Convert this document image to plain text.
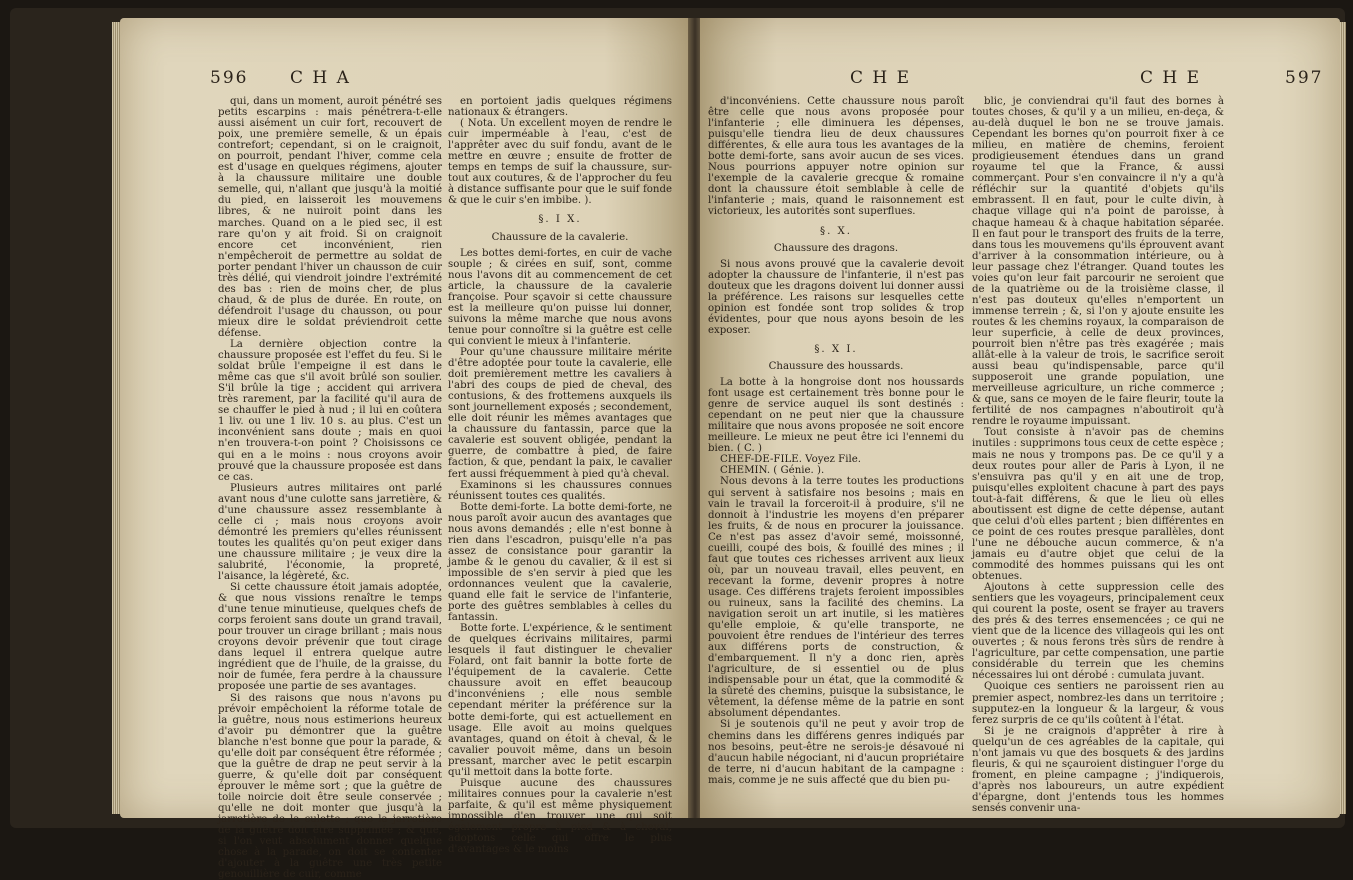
596 C H A

qui, dans un moment, auroit pénétré ses petits escarpins : mais pénétrera-t-elle aussi aisément un cuir fort, recouvert de poix, une première semelle, & un épais contrefort; cependant, si on le craignoit, on pourroit, pendant l'hiver, comme cela est d'usage en quelques régimens, ajouter à la chaussure militaire une double semelle, qui, n'allant que jusqu'à la moitié du pied, en laisseroit les mouvemens libres, & ne nuiroit point dans les marches. Quand on a le pied sec, il est rare qu'on y ait froid. Si on craignoit encore cet inconvénient, rien n'empêcheroit de permettre au soldat de porter pendant l'hiver un chausson de cuir très délié, qui viendroit joindre l'extrémité des bas : rien de moins cher, de plus chaud, & de plus de durée. En route, on défendroit l'usage du chausson, ou pour mieux dire le soldat préviendroit cette défense.

La dernière objection contre la chaussure proposée est l'effet du feu. Si le soldat brûle l'empeigne il est dans le même cas que s'il avoit brûlé son soulier. S'il brûle la tige ; accident qui arrivera très rarement, par la facilité qu'il aura de se chauffer le pied à nud ; il lui en coûtera 1 liv. ou une 1 liv. 10 s. au plus. C'est un inconvénient sans doute ; mais en quoi n'en trouvera-t-on point ? Choisissons ce qui en a le moins : nous croyons avoir prouvé que la chaussure proposée est dans ce cas.

Plusieurs autres militaires ont parlé avant nous d'une culotte sans jarretière, & d'une chaussure assez ressemblante à celle ci ; mais nous croyons avoir démontré les premiers qu'elles réunissent toutes les qualités qu'on peut exiger dans une chaussure militaire ; je veux dire la salubrité, l'économie, la propreté, l'aisance, la légèreté, &c.

Si cette chaussure étoit jamais adoptée, & que nous vissions renaître le temps d'une tenue minutieuse, quelques chefs de corps feroient sans doute un grand travail, pour trouver un cirage brillant ; mais nous croyons devoir prévenir que tout cirage dans lequel il entrera quelque autre ingrédient que de l'huile, de la graisse, du noir de fumée, fera perdre à la chaussure proposée une partie de ses avantages.

Si des raisons que nous n'avons pu prévoir empêchoient la réforme totale de la guêtre, nous nous estimerions heureux d'avoir pu démontrer que la guêtre blanche n'est bonne que pour la parade, & qu'elle doit par conséquent être réformée ; que la guêtre de drap ne peut servir à la guerre, & qu'elle doit par conséquent éprouver le même sort ; que la guêtre de toile noircie doit être seule conservée ; qu'elle ne doit monter que jusqu'à la jarretière de la culotte ; que la jarretière de la guêtre doit être supprimée ; & que, si l'on veut absolument donner quelque chose à la parade, on doit se contenter d'ajouter à la guêtre une très petite genouillière de cuir, comme

en portoient jadis quelques régimens nationaux & étrangers.

( Nota. Un excellent moyen de rendre le cuir imperméable à l'eau, c'est de l'apprêter avec du suif fondu, avant de le mettre en œuvre ; ensuite de frotter de temps en temps de suif la chaussure, sur-tout aux coutures, & de l'approcher du feu à distance suffisante pour que le suif fonde & que le cuir s'en imbibe. ).

§. I X.

Chaussure de la cavalerie.

Les bottes demi-fortes, en cuir de vache souple ; & cirées en suif, sont, comme nous l'avons dit au commencement de cet article, la chaussure de la cavalerie françoise. Pour sçavoir si cette chaussure est la meilleure qu'on puisse lui donner, suivons la même marche que nous avons tenue pour connoître si la guêtre est celle qui convient le mieux à l'infanterie.

Pour qu'une chaussure militaire mérite d'être adoptée pour toute la cavalerie, elle doit premièrement mettre les cavaliers à l'abri des coups de pied de cheval, des contusions, & des frottemens auxquels ils sont journellement exposés ; secondement, elle doit réunir les mêmes avantages que la chaussure du fantassin, parce que la cavalerie est souvent obligée, pendant la guerre, de combattre à pied, de faire faction, & que, pendant la paix, le cavalier fert aussi fréquemment à pied qu'à cheval.

Examinons si les chaussures connues réunissent toutes ces qualités.

Botte demi-forte. La botte demi-forte, ne nous paroît avoir aucun des avantages que nous avons demandés ; elle n'est bonne à rien dans l'escadron, puisqu'elle n'a pas assez de consistance pour garantir la jambe & le genou du cavalier, & il est si impossible de s'en servir à pied que les ordonnances veulent que la cavalerie, quand elle fait le service de l'infanterie, porte des guêtres semblables à celles du fantassin.

Botte forte. L'expérience, & le sentiment de quelques écrivains militaires, parmi lesquels il faut distinguer le chevalier Folard, ont fait bannir la botte forte de l'équipement de la cavalerie. Cette chaussure avoit en effet beaucoup d'inconvéniens ; elle nous semble cependant mériter la préférence sur la botte demi-forte, qui est actuellement en usage. Elle avoit au moins quelques avantages, quand on étoit à cheval, & le cavalier pouvoit même, dans un besoin pressant, marcher avec le petit escarpin qu'il mettoit dans la botte forte.

Puisque aucune des chaussures militaires connues pour la cavalerie n'est parfaite, & qu'il est même physiquement impossible d'en trouver une qui soit également propre à pied & à cheval, adoptons celle qui offre le plus d'avantages & le moins

C H E	C H E	597

d'inconvéniens. Cette chaussure nous paroît être celle que nous avons proposée pour l'infanterie ; elle diminuera les dépenses, puisqu'elle tiendra lieu de deux chaussures différentes, & elle aura tous les avantages de la botte demi-forte, sans avoir aucun de ses vices. Nous pourrions appuyer notre opinion sur l'exemple de la cavalerie grecque & romaine dont la chaussure étoit semblable à celle de l'infanterie ; mais, quand le raisonnement est victorieux, les autorités sont superflues.

§. X.

Chaussure des dragons.

Si nous avons prouvé que la cavalerie devoit adopter la chaussure de l'infanterie, il n'est pas douteux que les dragons doivent lui donner aussi la préférence. Les raisons sur lesquelles cette opinion est fondée sont trop solides & trop évidentes, pour que nous ayons besoin de les exposer.

§. X I.

Chaussure des houssards.

La botte à la hongroise dont nos houssards font usage est certainement très bonne pour le genre de service auquel ils sont destinés : cependant on ne peut nier que la chaussure militaire que nous avons proposée ne soit encore meilleure. Le mieux ne peut être ici l'ennemi du bien. ( C. )

CHEF-DE-FILE. Voyez File.

CHEMIN. ( Génie. ).

Nous devons à la terre toutes les productions qui servent à satisfaire nos besoins ; mais en vain le travail la forceroit-il à produire, s'il ne donnoit à l'industrie les moyens d'en préparer les fruits, & de nous en procurer la jouissance. Ce n'est pas assez d'avoir semé, moissonné, cueilli, coupé des bois, & fouillé des mines ; il faut que toutes ces richesses arrivent aux lieux où, par un nouveau travail, elles peuvent, en recevant la forme, devenir propres à notre usage. Ces différens trajets feroient impossibles ou ruineux, sans la facilité des chemins. La navigation seroit un art inutile, si les matières qu'elle emploie, & qu'elle transporte, ne pouvoient être rendues de l'intérieur des terres aux différens ports de construction, & d'embarquement. Il n'y a donc rien, après l'agriculture, de si essentiel ou de plus indispensable pour un état, que la commodité & la sûreté des chemins, puisque la subsistance, le vêtement, la défense même de la patrie en sont absolument dépendantes.

Si je soutenois qu'il ne peut y avoir trop de chemins dans les différens genres indiqués par nos besoins, peut-être ne serois-je désavoué ni d'aucun habile négociant, ni d'aucun propriétaire de terre, ni d'aucun habitant de la campagne : mais, comme je ne suis affecté que du bien pu-

blic, je conviendrai qu'il faut des bornes à toutes choses, & qu'il y a un milieu, en-deça, & au-delà duquel le bon ne se trouve jamais. Cependant les bornes qu'on pourroit fixer à ce milieu, en matière de chemins, feroient prodigieusement étendues dans un grand royaume tel que la France, & aussi commerçant. Pour s'en convaincre il n'y a qu'à réfléchir sur la quantité d'objets qu'ils embrassent. Il en faut, pour le culte divin, à chaque village qui n'a point de paroisse, à chaque hameau & à chaque habitation séparée. Il en faut pour le transport des fruits de la terre, dans tous les mouvemens qu'ils éprouvent avant d'arriver à la consommation intérieure, ou à leur passage chez l'étranger. Quand toutes les voies qu'on leur fait parcourir ne seroient que de la quatrième ou de la troisième classe, il n'est pas douteux qu'elles n'emportent un immense terrein ; &, si l'on y ajoute ensuite les routes & les chemins royaux, la comparaison de leur superficie, à celle de deux provinces, pourroit bien n'être pas très exagérée ; mais allât-elle à la valeur de trois, le sacrifice seroit aussi beau qu'indispensable, parce qu'il supposeroit une grande population, une merveilleuse agriculture, un riche commerce ; & que, sans ce moyen de le faire fleurir, toute la fertilité de nos campagnes n'aboutiroit qu'à rendre le royaume impuissant.

Tout consiste à n'avoir pas de chemins inutiles : supprimons tous ceux de cette espèce ; mais ne nous y trompons pas. De ce qu'il y a deux routes pour aller de Paris à Lyon, il ne s'ensuivra pas qu'il y en ait une de trop, puisqu'elles exploitent chacune à part des pays tout-à-fait différens, & que le lieu où elles aboutissent est digne de cette dépense, autant que celui d'où elles partent ; bien différentes en ce point de ces routes presque parallèles, dont l'une ne débouche aucun commerce, & n'a jamais eu d'autre objet que celui de la commodité des hommes puissans qui les ont obtenues.

Ajoutons à cette suppression celle des sentiers que les voyageurs, principalement ceux qui courent la poste, osent se frayer au travers des prés & des terres ensemencées ; ce qui ne vient que de la licence des villageois qui les ont ouvertes ; & nous ferons très sûrs de rendre à l'agriculture, par cette compensation, une partie considérable du terrein que les chemins nécessaires lui ont dérobé : cumulata juvant.

Quoique ces sentiers ne paroissent rien au premier aspect, nombrez-les dans un territoire ; supputez-en la longueur & la largeur, & vous ferez surpris de ce qu'ils coûtent à l'état.

Si je ne craignois d'apprêter à rire à quelqu'un de ces agréables de la capitale, qui n'ont jamais vu que des bosquets & des jardins fleuris, & qui ne sçauroient distinguer l'orge du froment, en pleine campagne ; j'indiquerois, d'après nos laboureurs, un autre expédient d'épargne, dont j'entends tous les hommes sensés convenir una-
